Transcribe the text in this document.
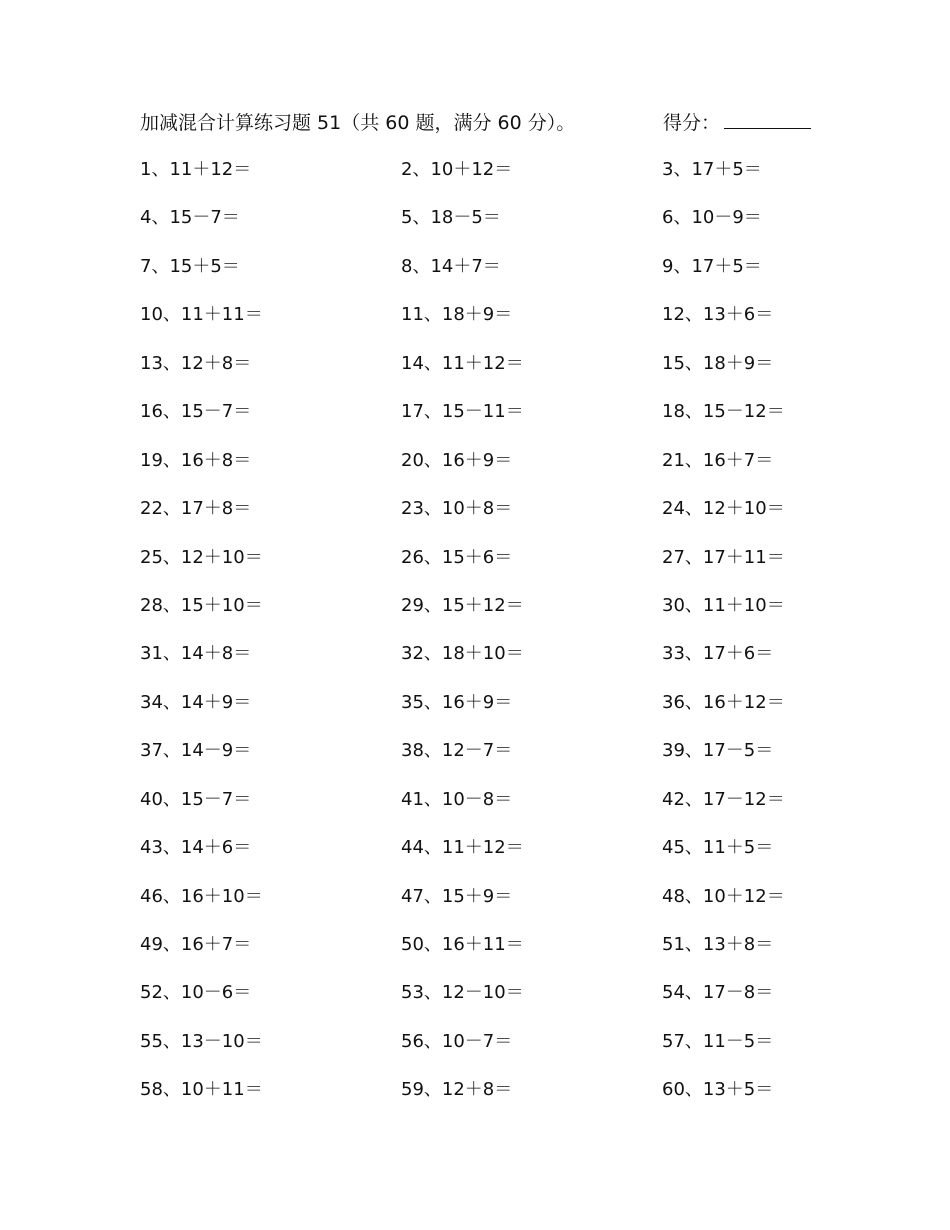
加减混合计算练习题 51（共 60 题，满分 60 分）。	得分：
1、11＋12＝	2、10＋12＝	3、17＋5＝
4、15－7＝	5、18－5＝	6、10－9＝
7、15＋5＝	8、14＋7＝	9、17＋5＝
10、11＋11＝	11、18＋9＝	12、13＋6＝
13、12＋8＝	14、11＋12＝	15、18＋9＝
16、15－7＝	17、15－11＝	18、15－12＝
19、16＋8＝	20、16＋9＝	21、16＋7＝
22、17＋8＝	23、10＋8＝	24、12＋10＝
25、12＋10＝	26、15＋6＝	27、17＋11＝
28、15＋10＝	29、15＋12＝	30、11＋10＝
31、14＋8＝	32、18＋10＝	33、17＋6＝
34、14＋9＝	35、16＋9＝	36、16＋12＝
37、14－9＝	38、12－7＝	39、17－5＝
40、15－7＝	41、10－8＝	42、17－12＝
43、14＋6＝	44、11＋12＝	45、11＋5＝
46、16＋10＝	47、15＋9＝	48、10＋12＝
49、16＋7＝	50、16＋11＝	51、13＋8＝
52、10－6＝	53、12－10＝	54、17－8＝
55、13－10＝	56、10－7＝	57、11－5＝
58、10＋11＝	59、12＋8＝	60、13＋5＝
